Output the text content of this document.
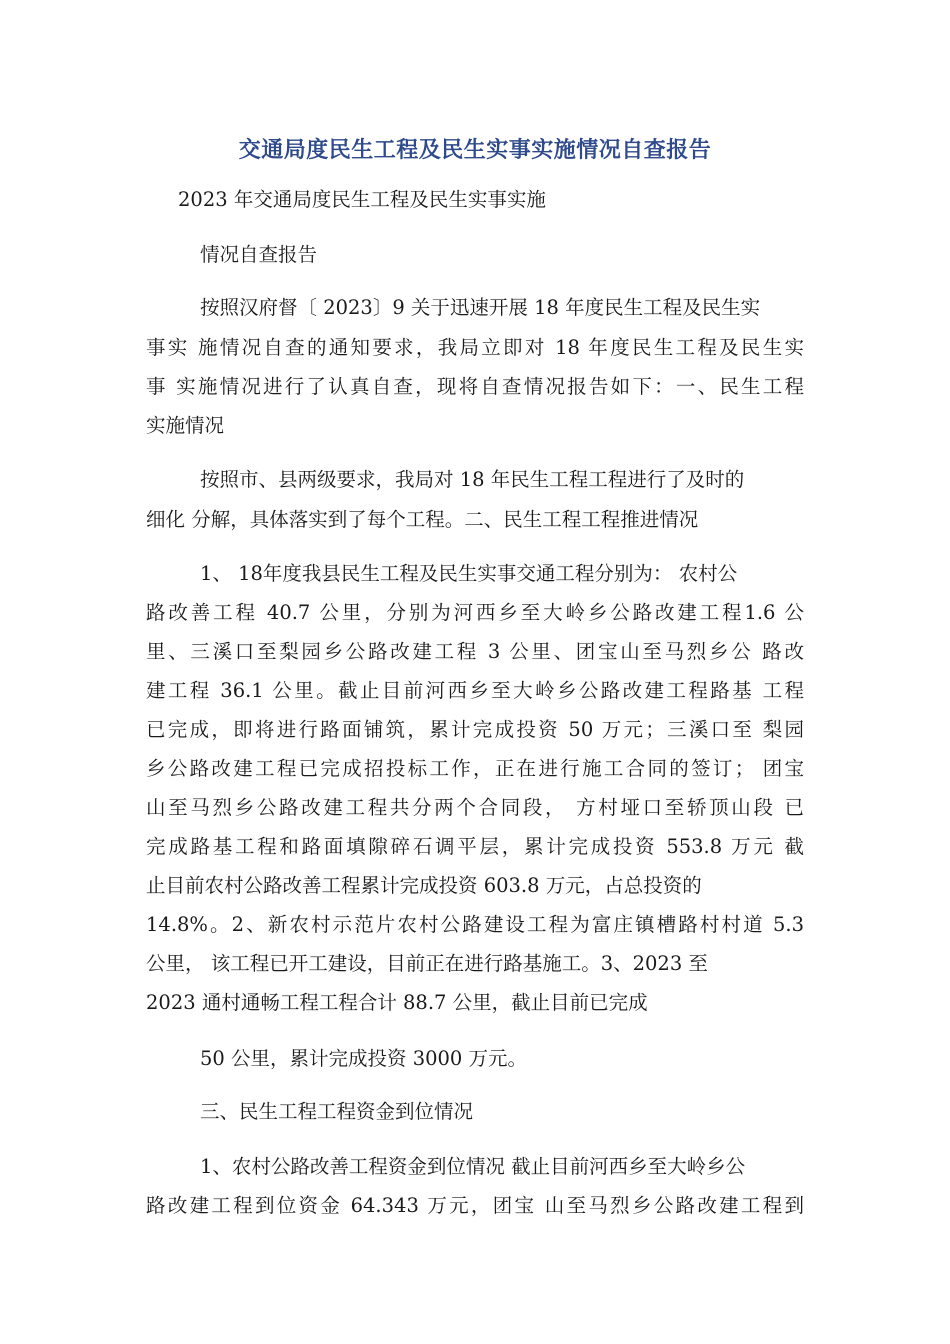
交通局度民生工程及民生实事实施情况自查报告
2023 年交通局度民生工程及民生实事实施
情况自查报告
按照汉府督〔 2023〕9 关于迅速开展 18 年度民生工程及民生实
事实 施情况自查的通知要求，我局立即对 18 年度民生工程及民生实
事 实施情况进行了认真自查，现将自查情况报告如下：一、民生工程
实施情况
按照市、县两级要求，我局对 18 年民生工程工程进行了及时的
细化 分解，具体落实到了每个工程。二、民生工程工程推进情况
1、 18年度我县民生工程及民生实事交通工程分别为： 农村公
路改善工程 40.7 公里，分别为河西乡至大岭乡公路改建工程1.6 公
里、三溪口至梨园乡公路改建工程 3 公里、团宝山至马烈乡公 路改
建工程 36.1 公里。截止目前河西乡至大岭乡公路改建工程路基 工程
已完成，即将进行路面铺筑，累计完成投资 50 万元；三溪口至 梨园
乡公路改建工程已完成招投标工作，正在进行施工合同的签订； 团宝
山至马烈乡公路改建工程共分两个合同段， 方村垭口至轿顶山段 已
完成路基工程和路面填隙碎石调平层，累计完成投资 553.8 万元 截
止目前农村公路改善工程累计完成投资 603.8 万元，占总投资的
14.8%。2、新农村示范片农村公路建设工程为富庄镇槽路村村道 5.3
公里， 该工程已开工建设，目前正在进行路基施工。3、2023 至
2023 通村通畅工程工程合计 88.7 公里，截止目前已完成
50 公里，累计完成投资 3000 万元。
三、民生工程工程资金到位情况
1、农村公路改善工程资金到位情况 截止目前河西乡至大岭乡公
路改建工程到位资金 64.343 万元，团宝 山至马烈乡公路改建工程到
